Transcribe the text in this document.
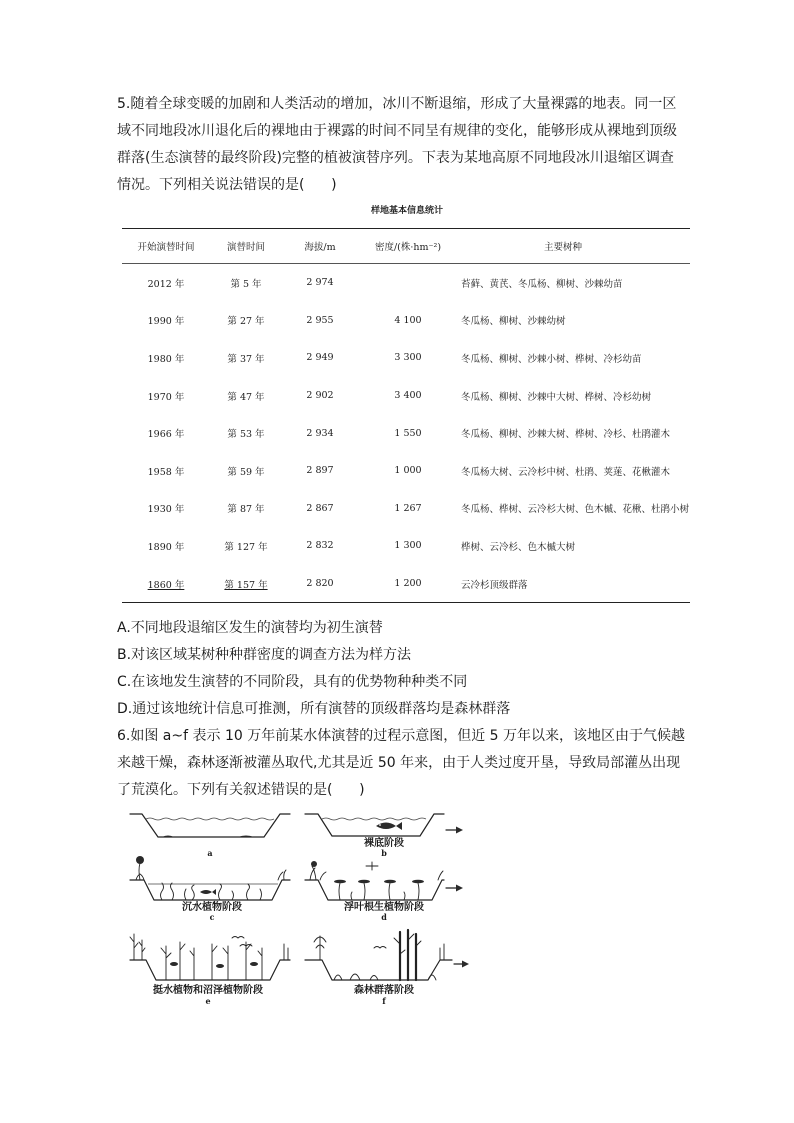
5.随着全球变暖的加剧和人类活动的增加，冰川不断退缩，形成了大量裸露的地表。同一区
域不同地段冰川退化后的裸地由于裸露的时间不同呈有规律的变化，能够形成从裸地到顶级
群落(生态演替的最终阶段)完整的植被演替序列。下表为某地高原不同地段冰川退缩区调查
情况。下列相关说法错误的是(      )
样地基本信息统计
开始演替时间	演替时间	海拔/m	密度/(株·hm⁻²)	主要树种
2012 年	第 5 年	2 974		苔藓、黄芪、冬瓜杨、柳树、沙棘幼苗
1990 年	第 27 年	2 955	4 100	冬瓜杨、柳树、沙棘幼树
1980 年	第 37 年	2 949	3 300	冬瓜杨、柳树、沙棘小树、桦树、冷杉幼苗
1970 年	第 47 年	2 902	3 400	冬瓜杨、柳树、沙棘中大树、桦树、冷杉幼树
1966 年	第 53 年	2 934	1 550	冬瓜杨、柳树、沙棘大树、桦树、冷杉、杜鹃灌木
1958 年	第 59 年	2 897	1 000	冬瓜杨大树、云冷杉中树、杜鹃、荚蒾、花楸灌木
1930 年	第 87 年	2 867	1 267	冬瓜杨、桦树、云冷杉大树、色木槭、花楸、杜鹃小树
1890 年	第 127 年	2 832	1 300	桦树、云冷杉、色木槭大树
1860 年	第 157 年	2 820	1 200	云冷杉顶级群落
A.不同地段退缩区发生的演替均为初生演替
B.对该区域某树种种群密度的调查方法为样方法
C.在该地发生演替的不同阶段，具有的优势物种种类不同
D.通过该地统计信息可推测，所有演替的顶级群落均是森林群落
6.如图 a~f 表示 10 万年前某水体演替的过程示意图，但近 5 万年以来，该地区由于气候越
来越干燥，森林逐渐被灌丛取代,尤其是近 50 年来，由于人类过度开垦，导致局部灌丛出现
了荒漠化。下列有关叙述错误的是(      )
a
裸底阶段
b
沉水植物阶段
c
浮叶根生植物阶段
d
挺水植物和沼泽植物阶段
e
森林群落阶段
f
